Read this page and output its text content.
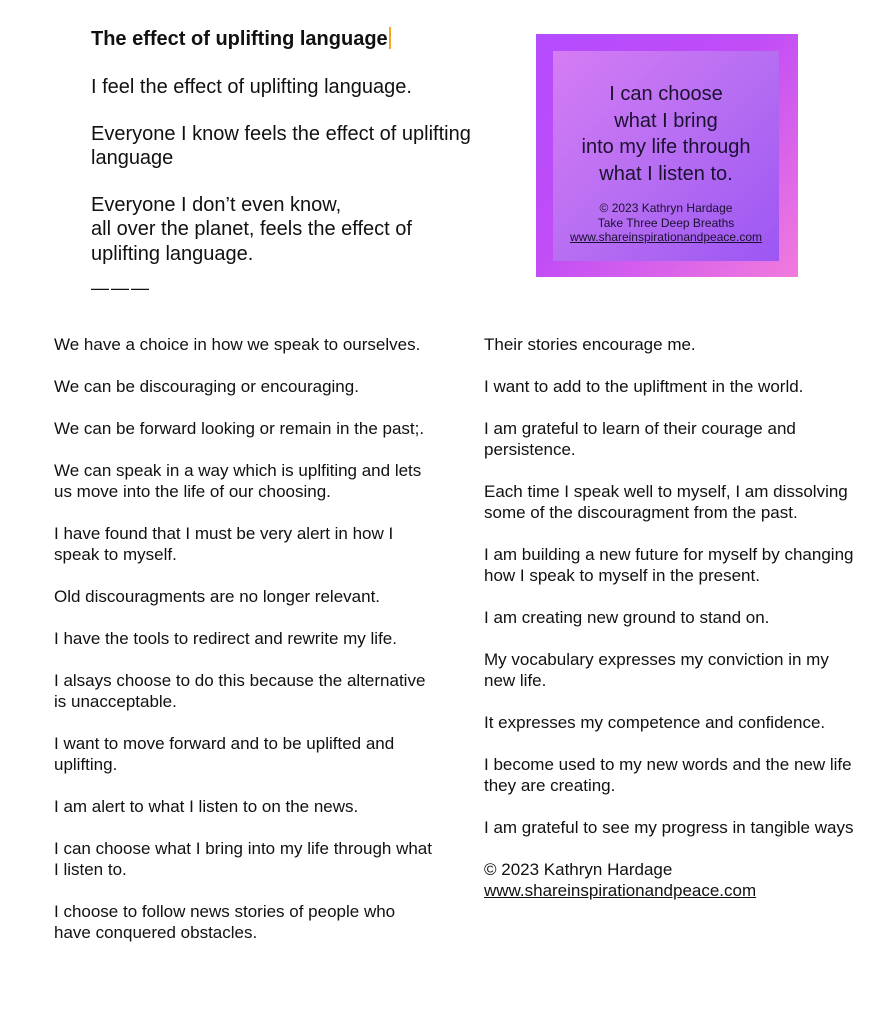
The effect of uplifting language

I feel the effect of uplifting language.

Everyone I know feels the effect of uplifting language

Everyone I don’t even know,
all over the planet, feels the effect of uplifting language.

———
I can choose
what I bring
into my life through
what I listen to.
© 2023 Kathryn Hardage
Take Three Deep Breaths
www.shareinspirationandpeace.com

We have a choice in how we speak to ourselves.

We can be discouraging or encouraging.

We can be forward looking or remain in the past;.

We can speak in a way which is uplfiting and lets us move into the life of our choosing.

I have found that I must be very alert in how I speak to myself.

Old discouragments are no longer relevant.

I have the tools to redirect and rewrite my life.

I alsays choose to do this because the alternative is unacceptable.

I want to move forward and to be uplifted and uplifting.

I am alert to what I listen to on the news.

I can choose what I bring into my life through what I listen to.

I choose to follow news stories of people who have conquered obstacles.

Their stories encourage me.

I want to add to the upliftment in the world.

I am grateful to learn of their courage and persistence.

Each time I speak well to myself, I am dissolving some of the discouragment from the past.

I am building a new future for myself by changing how I speak to myself in the present.

I am creating new ground to stand on.

My vocabulary expresses my conviction in my new life.

It expresses my competence and confidence.

I become used to my new words and the new life they are creating.

I am grateful to see my progress in tangible ways

© 2023 Kathryn Hardage
www.shareinspirationandpeace.com
